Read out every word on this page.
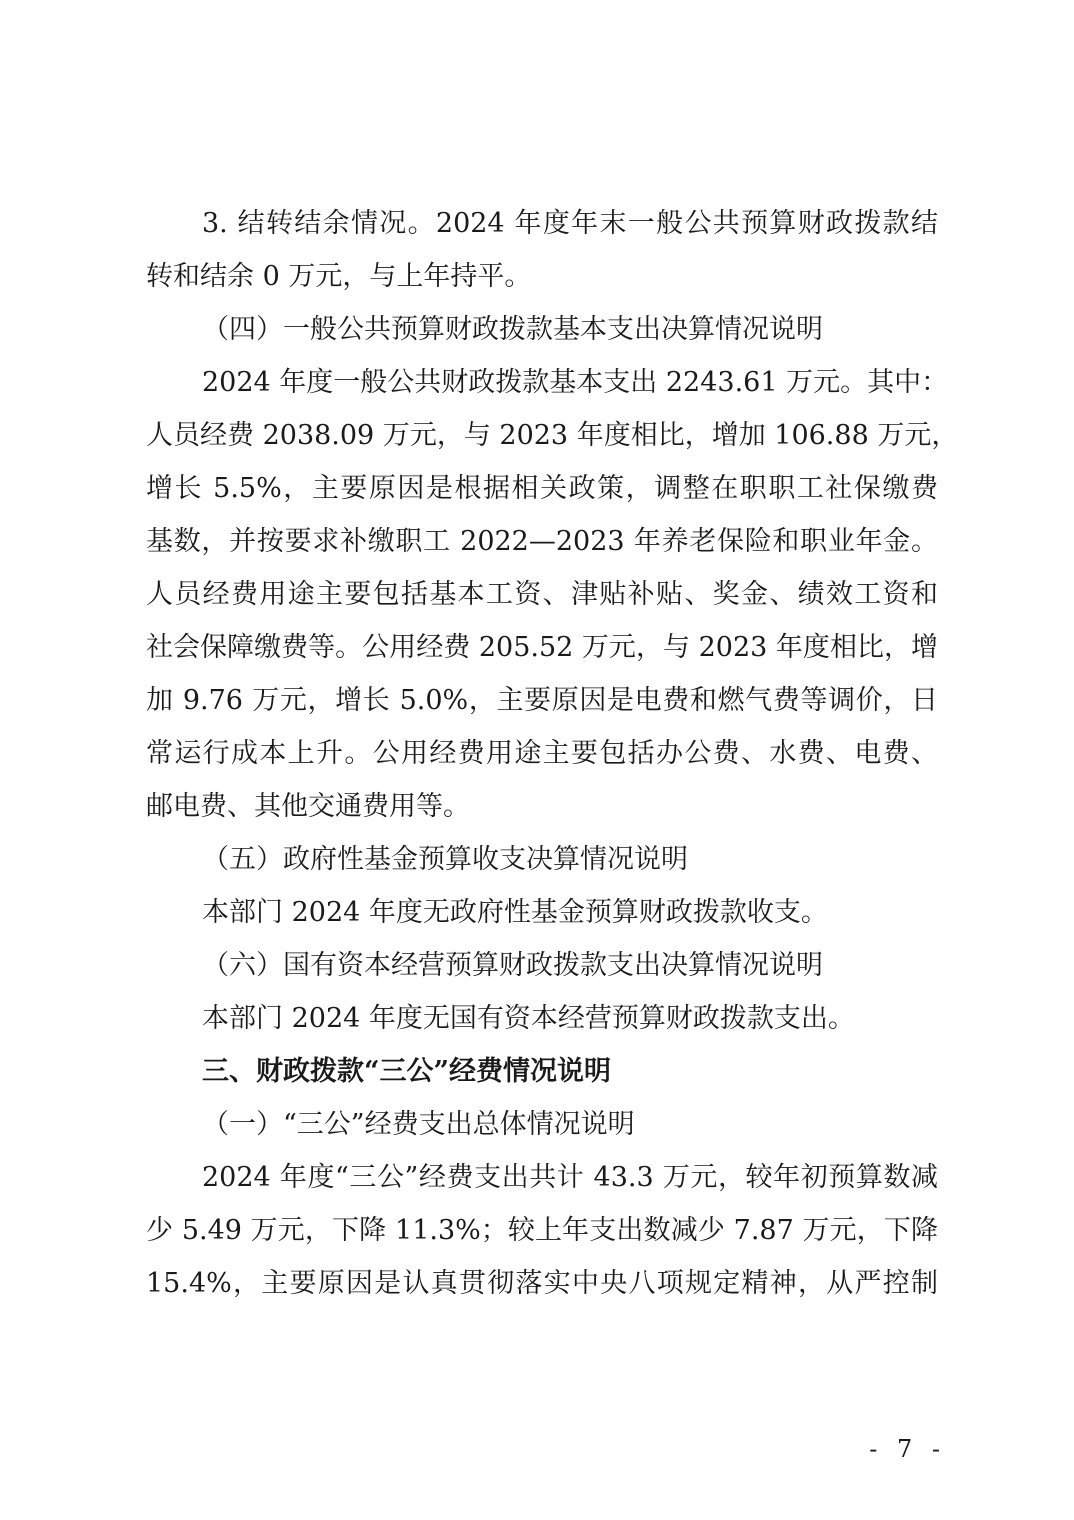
3. 结转结余情况。2024 年度年末一般公共预算财政拨款结
转和结余 0 万元，与上年持平。
（四）一般公共预算财政拨款基本支出决算情况说明
2024 年度一般公共财政拨款基本支出 2243.61 万元。其中：
人员经费 2038.09 万元，与 2023 年度相比，增加 106.88 万元，
增长 5.5%，主要原因是根据相关政策，调整在职职工社保缴费
基数，并按要求补缴职工 2022—2023 年养老保险和职业年金。
人员经费用途主要包括基本工资、津贴补贴、奖金、绩效工资和
社会保障缴费等。公用经费 205.52 万元，与 2023 年度相比，增
加 9.76 万元，增长 5.0%，主要原因是电费和燃气费等调价，日
常运行成本上升。公用经费用途主要包括办公费、水费、电费、
邮电费、其他交通费用等。
（五）政府性基金预算收支决算情况说明
本部门 2024 年度无政府性基金预算财政拨款收支。
（六）国有资本经营预算财政拨款支出决算情况说明
本部门 2024 年度无国有资本经营预算财政拨款支出。
三、财政拨款“三公”经费情况说明
（一）“三公”经费支出总体情况说明
2024 年度“三公”经费支出共计 43.3 万元，较年初预算数减
少 5.49 万元，下降 11.3%；较上年支出数减少 7.87 万元，下降
15.4%，主要原因是认真贯彻落实中央八项规定精神，从严控制
- 7 -
